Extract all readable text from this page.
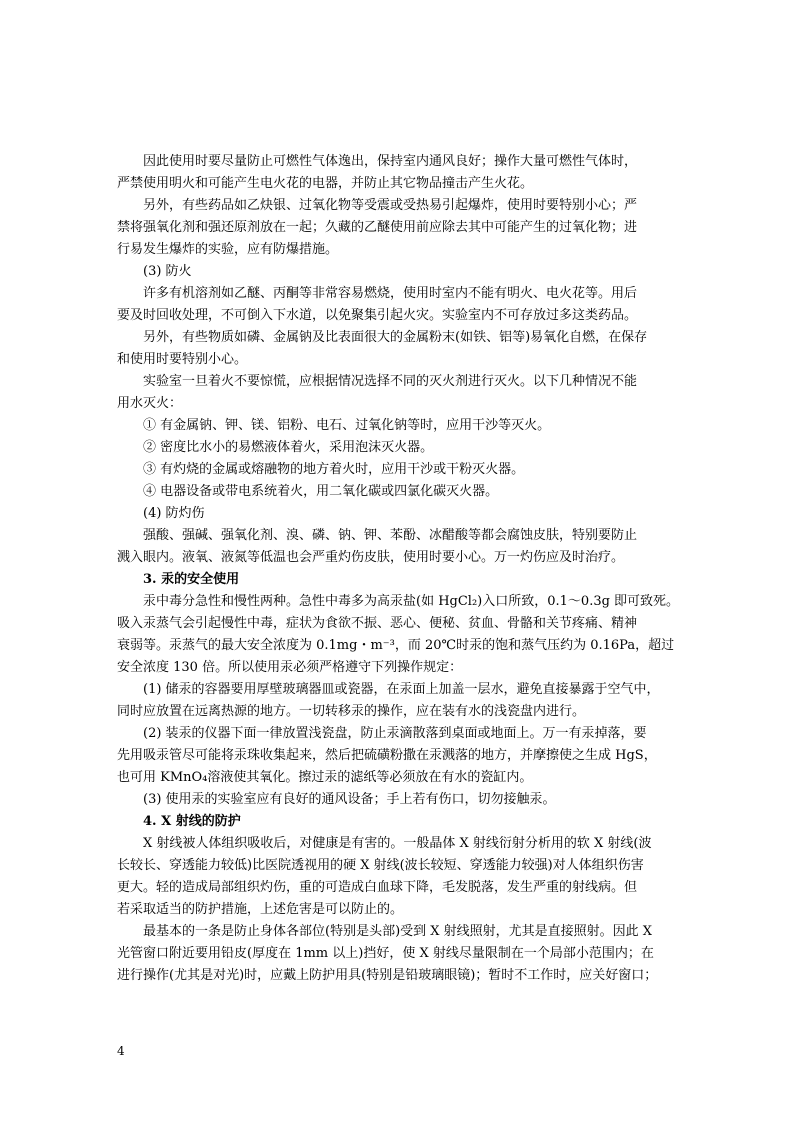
因此使用时要尽量防止可燃性气体逸出，保持室内通风良好；操作大量可燃性气体时，
严禁使用明火和可能产生电火花的电器，并防止其它物品撞击产生火花。
另外，有些药品如乙炔银、过氧化物等受震或受热易引起爆炸，使用时要特别小心；严
禁将强氧化剂和强还原剂放在一起；久藏的乙醚使用前应除去其中可能产生的过氧化物；进
行易发生爆炸的实验，应有防爆措施。
(3) 防火
许多有机溶剂如乙醚、丙酮等非常容易燃烧，使用时室内不能有明火、电火花等。用后
要及时回收处理，不可倒入下水道，以免聚集引起火灾。实验室内不可存放过多这类药品。
另外，有些物质如磷、金属钠及比表面很大的金属粉末(如铁、铝等)易氧化自燃，在保存
和使用时要特别小心。
实验室一旦着火不要惊慌，应根据情况选择不同的灭火剂进行灭火。以下几种情况不能
用水灭火：
① 有金属钠、钾、镁、铝粉、电石、过氧化钠等时，应用干沙等灭火。
② 密度比水小的易燃液体着火，采用泡沫灭火器。
③ 有灼烧的金属或熔融物的地方着火时，应用干沙或干粉灭火器。
④ 电器设备或带电系统着火，用二氧化碳或四氯化碳灭火器。
(4) 防灼伤
强酸、强碱、强氧化剂、溴、磷、钠、钾、苯酚、冰醋酸等都会腐蚀皮肤，特别要防止
溅入眼内。液氧、液氮等低温也会严重灼伤皮肤，使用时要小心。万一灼伤应及时治疗。
3. 汞的安全使用
汞中毒分急性和慢性两种。急性中毒多为高汞盐(如 HgCl₂)入口所致，0.1～0.3g 即可致死。
吸入汞蒸气会引起慢性中毒，症状为食欲不振、恶心、便秘、贫血、骨骼和关节疼痛、精神
衰弱等。汞蒸气的最大安全浓度为 0.1mg・m⁻³，而 20℃时汞的饱和蒸气压约为 0.16Pa，超过
安全浓度 130 倍。所以使用汞必须严格遵守下列操作规定：
(1) 储汞的容器要用厚壁玻璃器皿或瓷器，在汞面上加盖一层水，避免直接暴露于空气中，
同时应放置在远离热源的地方。一切转移汞的操作，应在装有水的浅瓷盘内进行。
(2) 装汞的仪器下面一律放置浅瓷盘，防止汞滴散落到桌面或地面上。万一有汞掉落，要
先用吸汞管尽可能将汞珠收集起来，然后把硫磺粉撒在汞溅落的地方，并摩擦使之生成 HgS，
也可用 KMnO₄溶液使其氧化。擦过汞的滤纸等必须放在有水的瓷缸内。
(3) 使用汞的实验室应有良好的通风设备；手上若有伤口，切勿接触汞。
4. X 射线的防护
X 射线被人体组织吸收后，对健康是有害的。一般晶体 X 射线衍射分析用的软 X 射线(波
长较长、穿透能力较低)比医院透视用的硬 X 射线(波长较短、穿透能力较强)对人体组织伤害
更大。轻的造成局部组织灼伤，重的可造成白血球下降，毛发脱落，发生严重的射线病。但
若采取适当的防护措施，上述危害是可以防止的。
最基本的一条是防止身体各部位(特别是头部)受到 X 射线照射，尤其是直接照射。因此 X
光管窗口附近要用铅皮(厚度在 1mm 以上)挡好，使 X 射线尽量限制在一个局部小范围内；在
进行操作(尤其是对光)时，应戴上防护用具(特别是铅玻璃眼镜)；暂时不工作时，应关好窗口；
4
